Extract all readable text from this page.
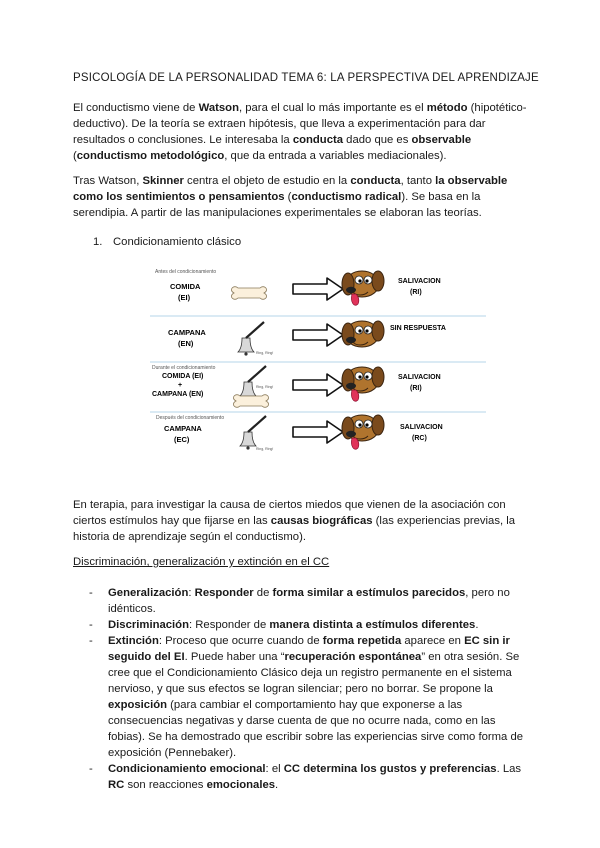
PSICOLOGÍA DE LA PERSONALIDAD TEMA 6: LA PERSPECTIVA DEL APRENDIZAJE
El conductismo viene de Watson, para el cual lo más importante es el método (hipotético-deductivo). De la teoría se extraen hipótesis, que lleva a experimentación para dar resultados o conclusiones. Le interesaba la conducta dado que es observable (conductismo metodológico, que da entrada a variables mediacionales).
Tras Watson, Skinner centra el objeto de estudio en la conducta, tanto la observable como los sentimientos o pensamientos (conductismo radical). Se basa en la serendipia. A partir de las manipulaciones experimentales se elaboran las teorías.
1. Condicionamiento clásico
Antes del condicionamiento
COMIDA
(EI)
SALIVACION
(RI)
CAMPANA
(EN)
Ring, Ring!
SIN RESPUESTA
Durante el condicionamiento
COMIDA (EI)
+
CAMPANA (EN)
Ring, Ring!
SALIVACION
(RI)
Después del condicionamiento
CAMPANA
(EC)
Ring, Ring!
SALIVACION
(RC)
En terapia, para investigar la causa de ciertos miedos que vienen de la asociación con ciertos estímulos hay que fijarse en las causas biográficas (las experiencias previas, la historia de aprendizaje según el conductismo).
Discriminación, generalización y extinción en el CC

- Generalización: Responder de forma similar a estímulos parecidos, pero no idénticos.

- Discriminación: Responder de manera distinta a estímulos diferentes.

- Extinción: Proceso que ocurre cuando de forma repetida aparece en EC sin ir seguido del EI. Puede haber una “recuperación espontánea” en otra sesión. Se cree que el Condicionamiento Clásico deja un registro permanente en el sistema nervioso, y que sus efectos se logran silenciar; pero no borrar. Se propone la exposición (para cambiar el comportamiento hay que exponerse a las consecuencias negativas y darse cuenta de que no ocurre nada, como en las fobias). Se ha demostrado que escribir sobre las experiencias sirve como forma de exposición (Pennebaker).

- Condicionamiento emocional: el CC determina los gustos y preferencias. Las RC son reacciones emocionales.
